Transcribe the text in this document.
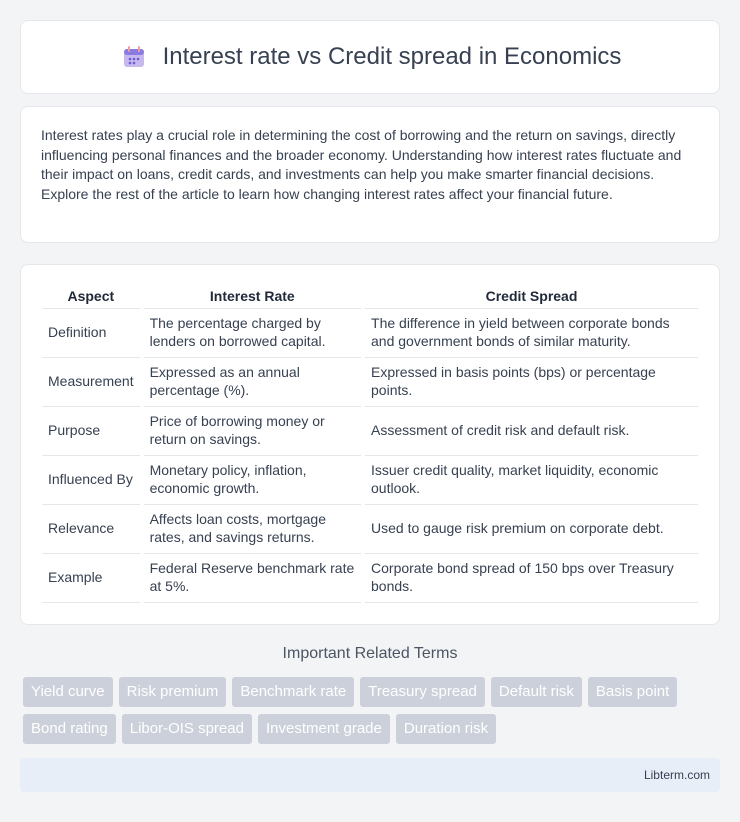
Interest rate vs Credit spread in Economics

Interest rates play a crucial role in determining the cost of borrowing and the return on savings, directly influencing personal finances and the broader economy. Understanding how interest rates fluctuate and their impact on loans, credit cards, and investments can help you make smarter financial decisions. Explore the rest of the article to learn how changing interest rates affect your financial future.

Aspect	Interest Rate	Credit Spread
Definition	The percentage charged by lenders on borrowed capital.	The difference in yield between corporate bonds and government bonds of similar maturity.
Measurement	Expressed as an annual percentage (%).	Expressed in basis points (bps) or percentage points.
Purpose	Price of borrowing money or return on savings.	Assessment of credit risk and default risk.
Influenced By	Monetary policy, inflation, economic growth.	Issuer credit quality, market liquidity, economic outlook.
Relevance	Affects loan costs, mortgage rates, and savings returns.	Used to gauge risk premium on corporate debt.
Example	Federal Reserve benchmark rate at 5%.	Corporate bond spread of 150 bps over Treasury bonds.
Important Related Terms
Yield curve	Risk premium	Benchmark rate	Treasury spread	Default risk	Basis point
Bond rating	Libor-OIS spread	Investment grade	Duration risk
Libterm.com
